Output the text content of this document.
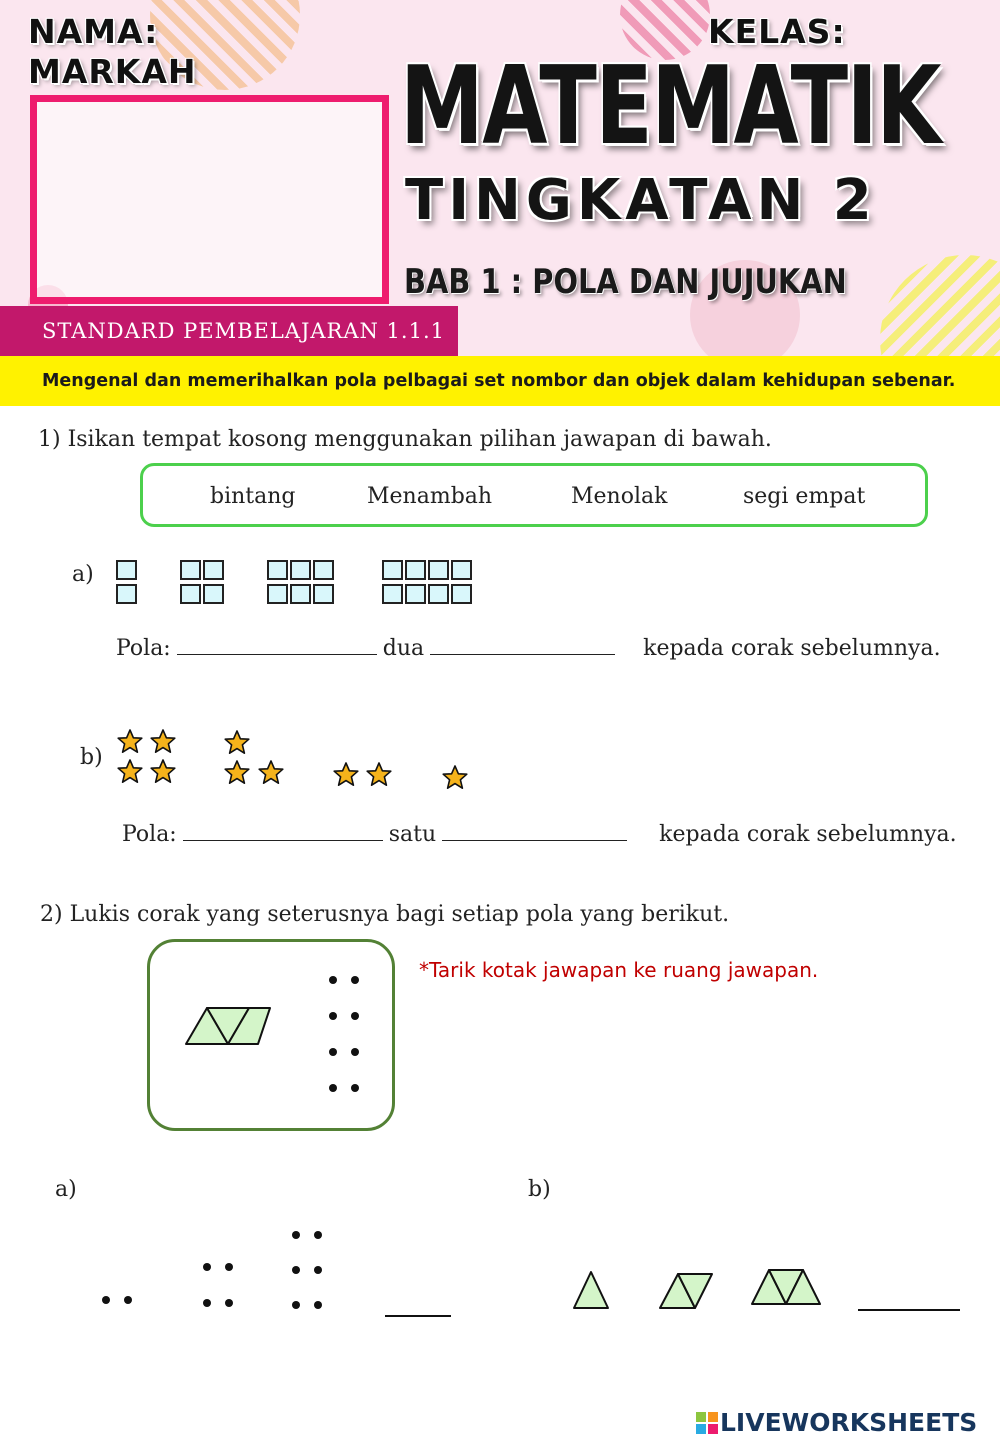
NAMA:
MARKAH
KELAS:
MATEMATIK
TINGKATAN 2
BAB 1 : POLA DAN JUJUKAN
STANDARD PEMBELAJARAN 1.1.1
Mengenal dan memerihalkan pola pelbagai set nombor dan objek dalam kehidupan sebenar.
1) Isikan tempat kosong menggunakan pilihan jawapan di bawah.
bintang	Menambah	Menolak	segi empat
a)
Pola:	dua	kepada corak sebelumnya.
b)
Pola:	satu	kepada corak sebelumnya.
2) Lukis corak yang seterusnya bagi setiap pola yang berikut.
*Tarik kotak jawapan ke ruang jawapan.
a)	b)
LIVEWORKSHEETS
